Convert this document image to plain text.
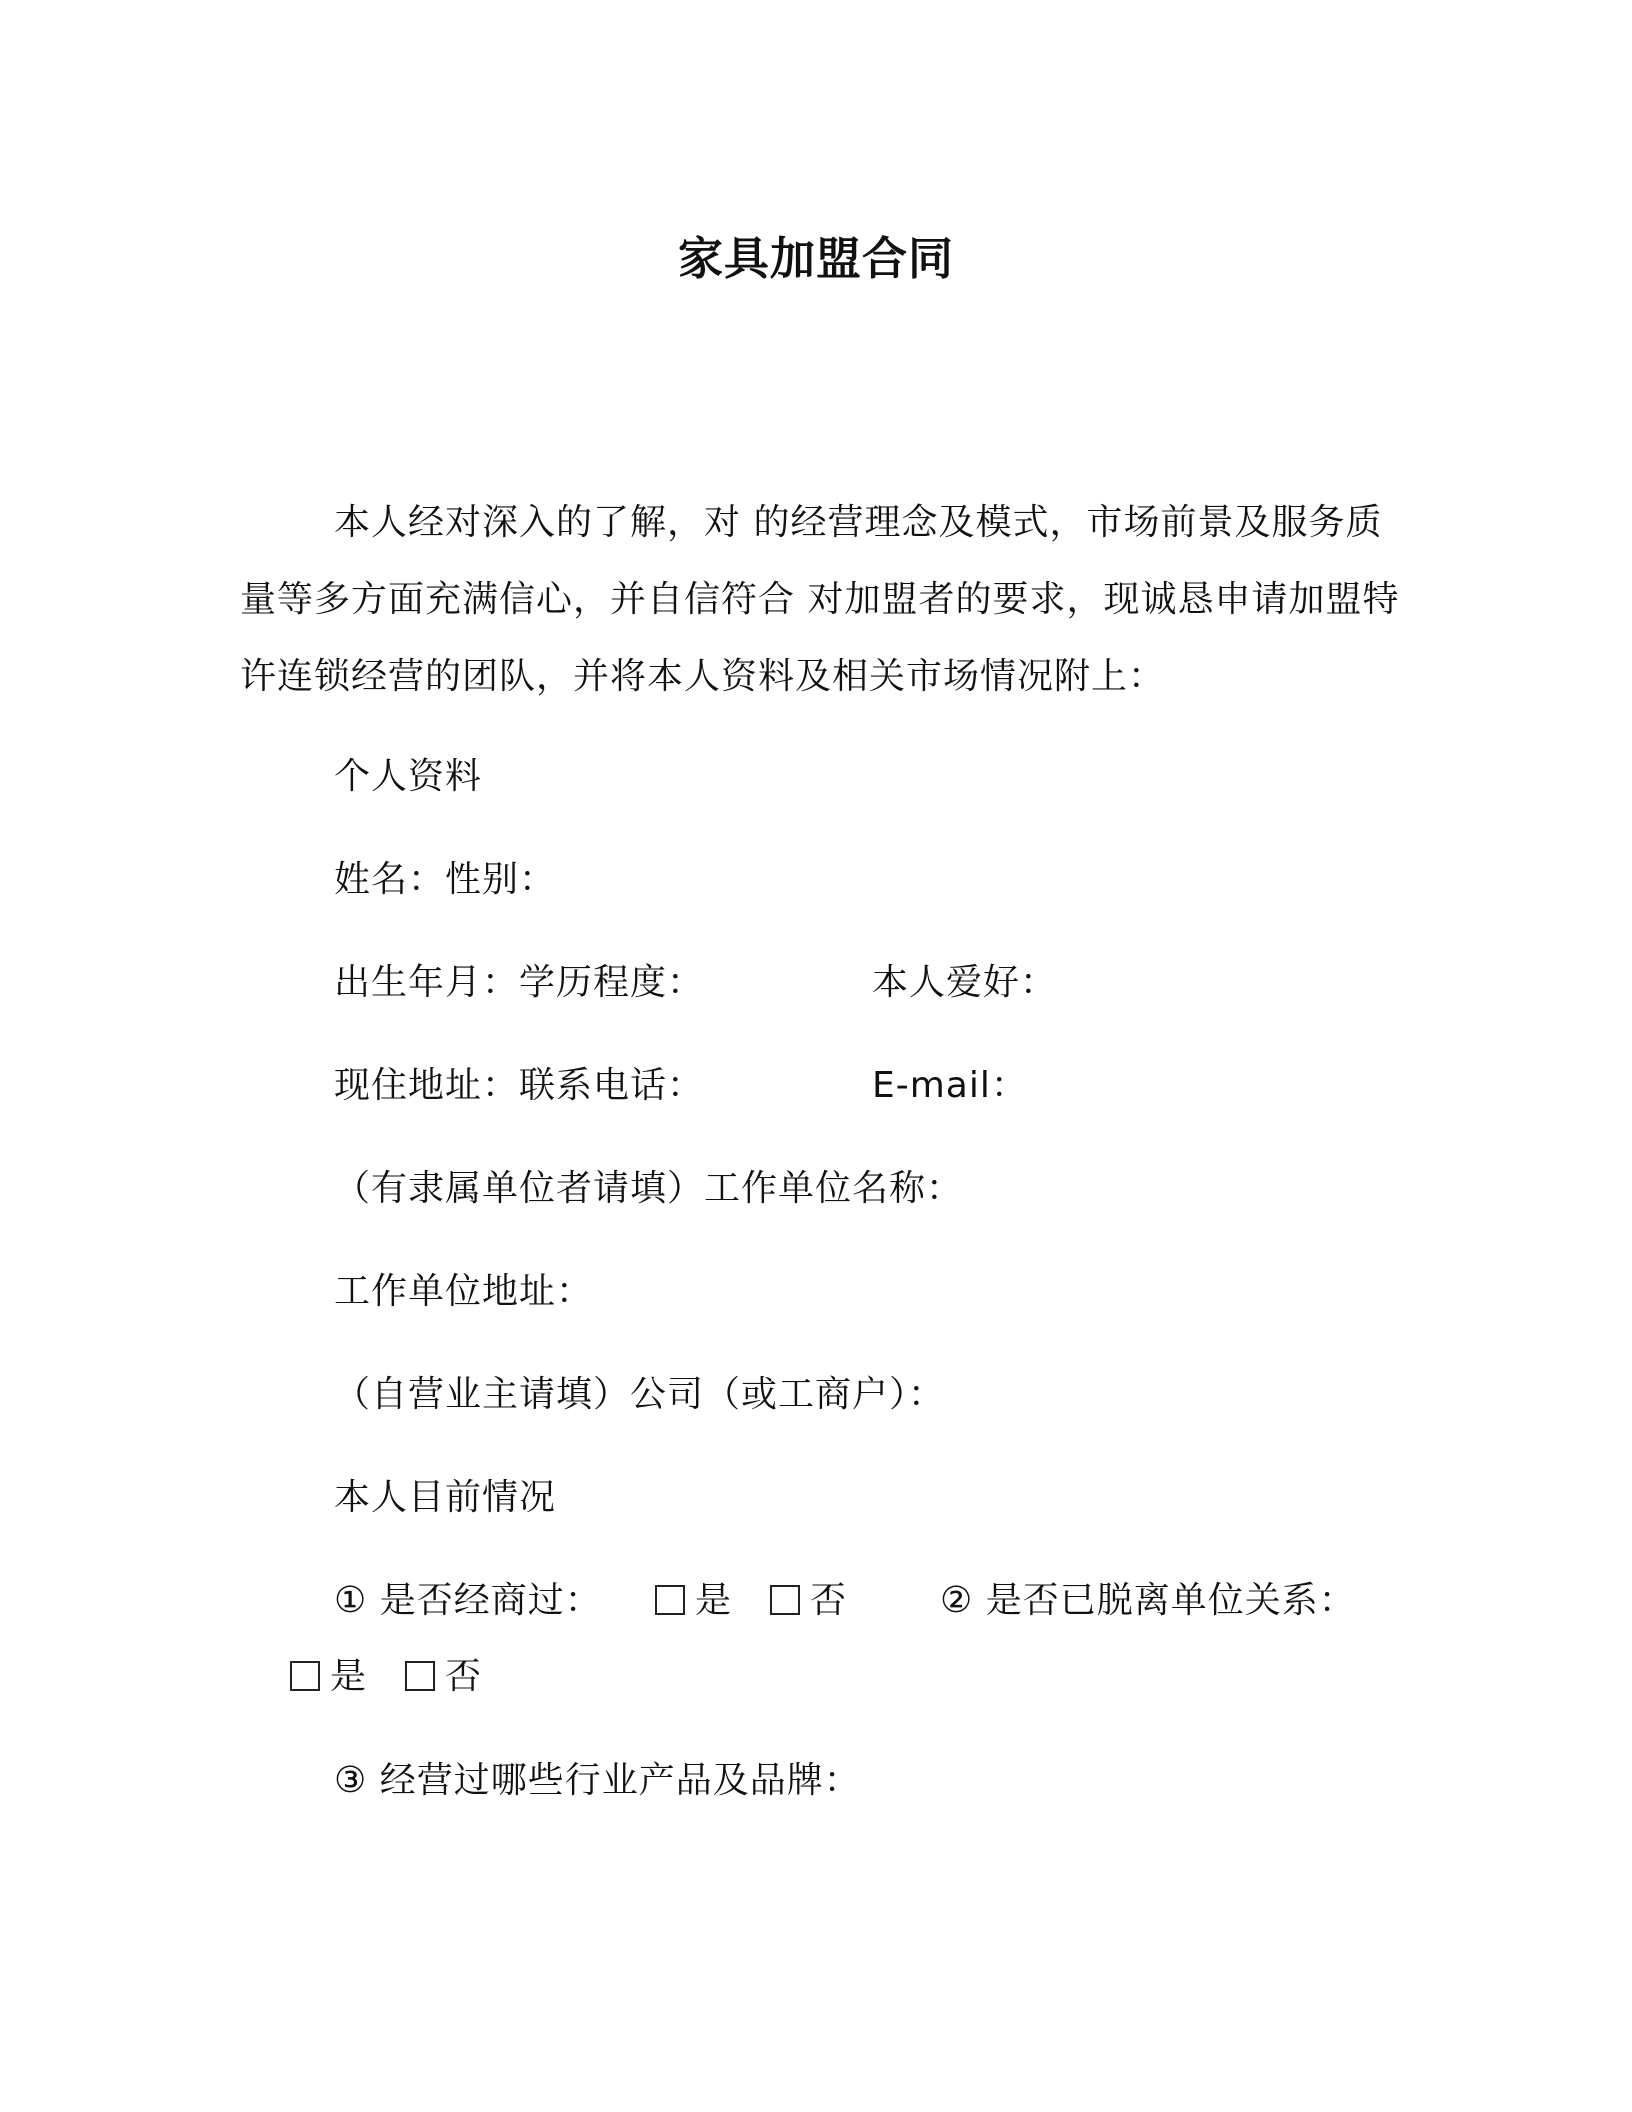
家具加盟合同

本人经对深入的了解，对 的经营理念及模式，市场前景及服务质量等多方面充满信心，并自信符合 对加盟者的要求，现诚恳申请加盟特许连锁经营的团队，并将本人资料及相关市场情况附上：

个人资料
姓名：性别：
出生年月：学历程度：	本人爱好：
现住地址：联系电话：	E-mail：
（有隶属单位者请填）工作单位名称：
工作单位地址：
（自营业主请填）公司（或工商户）：
本人目前情况
① 是否经商过：	是	否	② 是否已脱离单位关系：
是	否
③ 经营过哪些行业产品及品牌：
